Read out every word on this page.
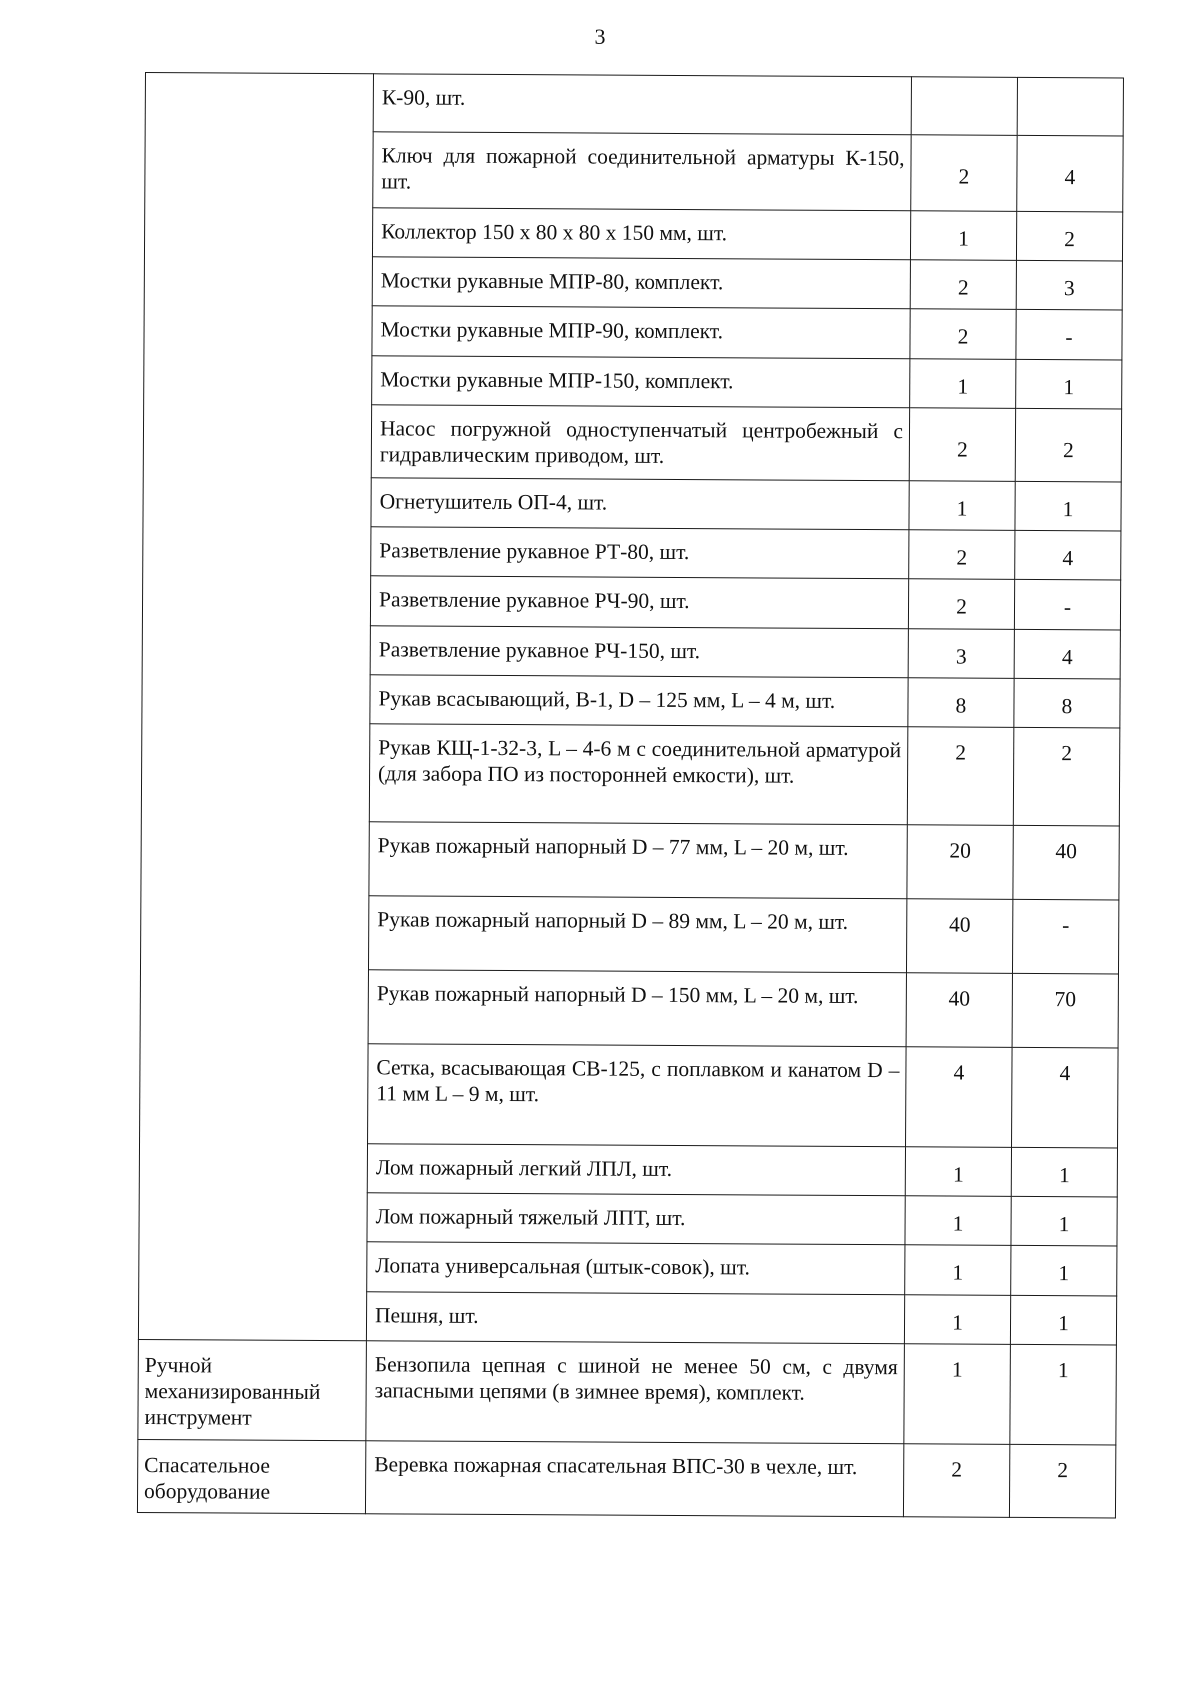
3
	К-90, шт.		
	Ключ для пожарной соединительной арматуры К-150, шт.	2	4
	Коллектор 150 х 80 х 80 х 150 мм, шт.	1	2
	Мостки рукавные МПР-80, комплект.	2	3
	Мостки рукавные МПР-90, комплект.	2	-
	Мостки рукавные МПР-150, комплект.	1	1
	Насос погружной одноступенчатый центробежный с гидравлическим приводом, шт.	2	2
	Огнетушитель ОП-4, шт.	1	1
	Разветвление рукавное РТ-80, шт.	2	4
	Разветвление рукавное РЧ-90, шт.	2	-
	Разветвление рукавное РЧ-150, шт.	3	4
	Рукав всасывающий, В-1, D – 125 мм, L – 4 м, шт.	8	8
	Рукав КЩ-1-32-3, L – 4-6 м с соединительной арматурой (для забора ПО из посторонней емкости), шт.	2	2
	Рукав пожарный напорный D – 77 мм, L – 20 м, шт.	20	40
	Рукав пожарный напорный D – 89 мм, L – 20 м, шт.	40	-
	Рукав пожарный напорный D – 150 мм, L – 20 м, шт.	40	70
	Сетка, всасывающая СВ-125, с поплавком и канатом D – 11 мм L – 9 м, шт.	4	4
	Лом пожарный легкий ЛПЛ, шт.	1	1
	Лом пожарный тяжелый ЛПТ, шт.	1	1
	Лопата универсальная (штык-совок), шт.	1	1
	Пешня, шт.	1	1
Ручной механизированный инструмент	Бензопила цепная с шиной не менее 50 см, с двумя запасными цепями (в зимнее время), комплект.	1	1
Спасательное оборудование	Веревка пожарная спасательная ВПС-30 в чехле, шт.	2	2
